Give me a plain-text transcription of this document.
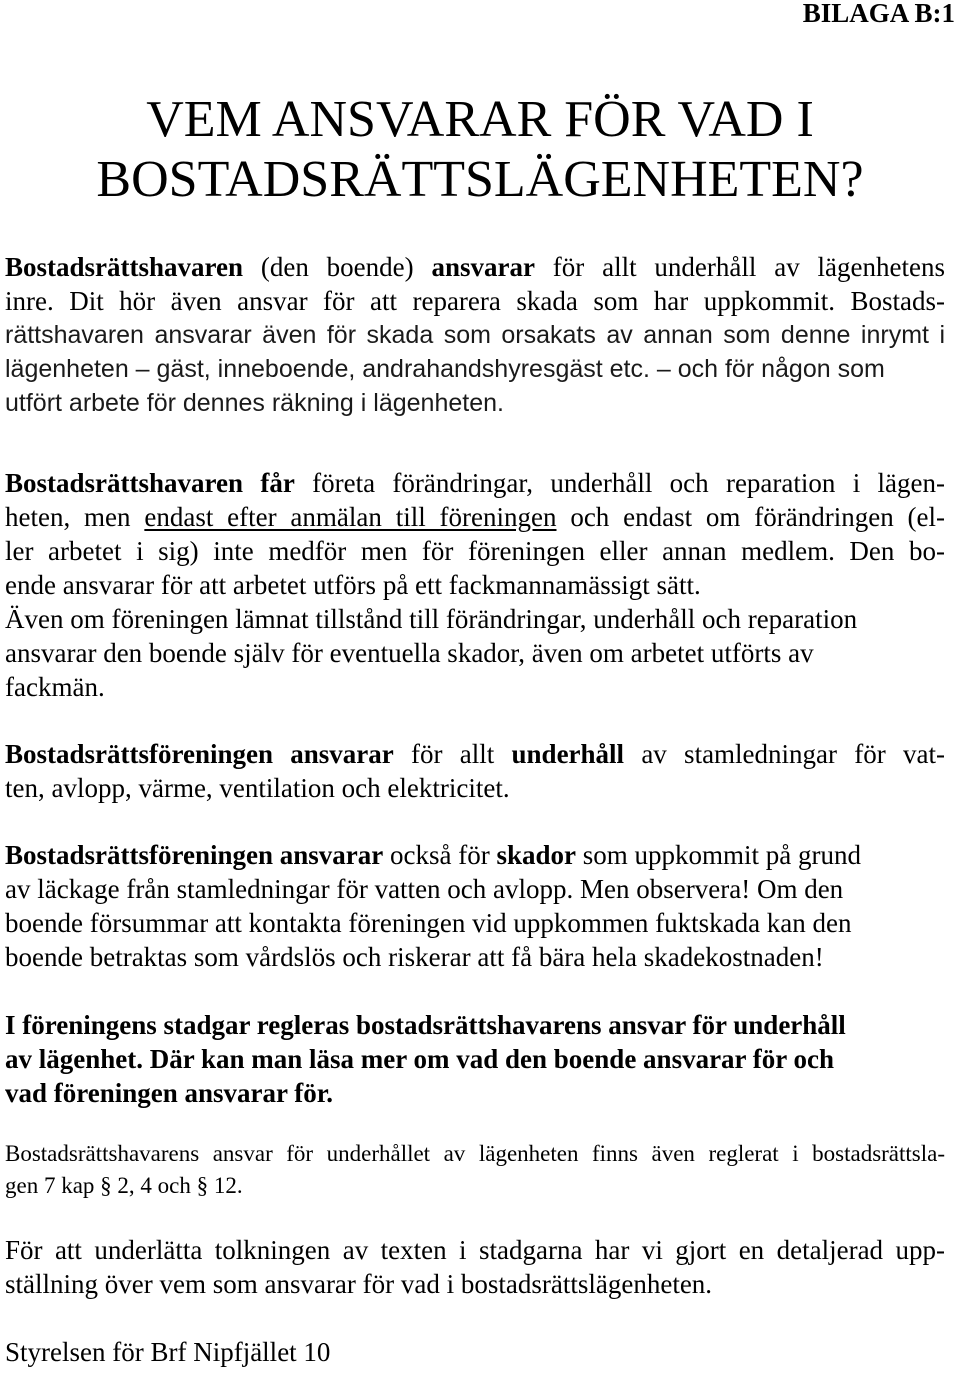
BILAGA B:1
VEM ANSVARAR FÖR VAD I
BOSTADSRÄTTSLÄGENHETEN?
Bostadsrättshavaren (den boende) ansvarar för allt underhåll av lägenhetens
inre. Dit hör även ansvar för att reparera skada som har uppkommit. Bostads-
rättshavaren ansvarar även för skada som orsakats av annan som denne inrymt i
lägenheten – gäst, inneboende, andrahandshyresgäst etc. – och för någon som
utfört arbete för dennes räkning i lägenheten.
Bostadsrättshavaren får företa förändringar, underhåll och reparation i lägen-
heten, men endast efter anmälan till föreningen och endast om förändringen (el-
ler arbetet i sig) inte medför men för föreningen eller annan medlem. Den bo-
ende ansvarar för att arbetet utförs på ett fackmannamässigt sätt.
Även om föreningen lämnat tillstånd till förändringar, underhåll och reparation
ansvarar den boende själv för eventuella skador, även om arbetet utförts av
fackmän.
Bostadsrättsföreningen ansvarar för allt underhåll av stamledningar för vat-
ten, avlopp, värme, ventilation och elektricitet.
Bostadsrättsföreningen ansvarar också för skador som uppkommit på grund
av läckage från stamledningar för vatten och avlopp. Men observera! Om den
boende försummar att kontakta föreningen vid uppkommen fuktskada kan den
boende betraktas som vårdslös och riskerar att få bära hela skadekostnaden!
I föreningens stadgar regleras bostadsrättshavarens ansvar för underhåll
av lägenhet. Där kan man läsa mer om vad den boende ansvarar för och
vad föreningen ansvarar för.
Bostadsrättshavarens ansvar för underhållet av lägenheten finns även reglerat i bostadsrättsla-
gen 7 kap § 2, 4 och § 12.
För att underlätta tolkningen av texten i stadgarna har vi gjort en detaljerad upp-
ställning över vem som ansvarar för vad i bostadsrättslägenheten.
Styrelsen för Brf Nipfjället 10
